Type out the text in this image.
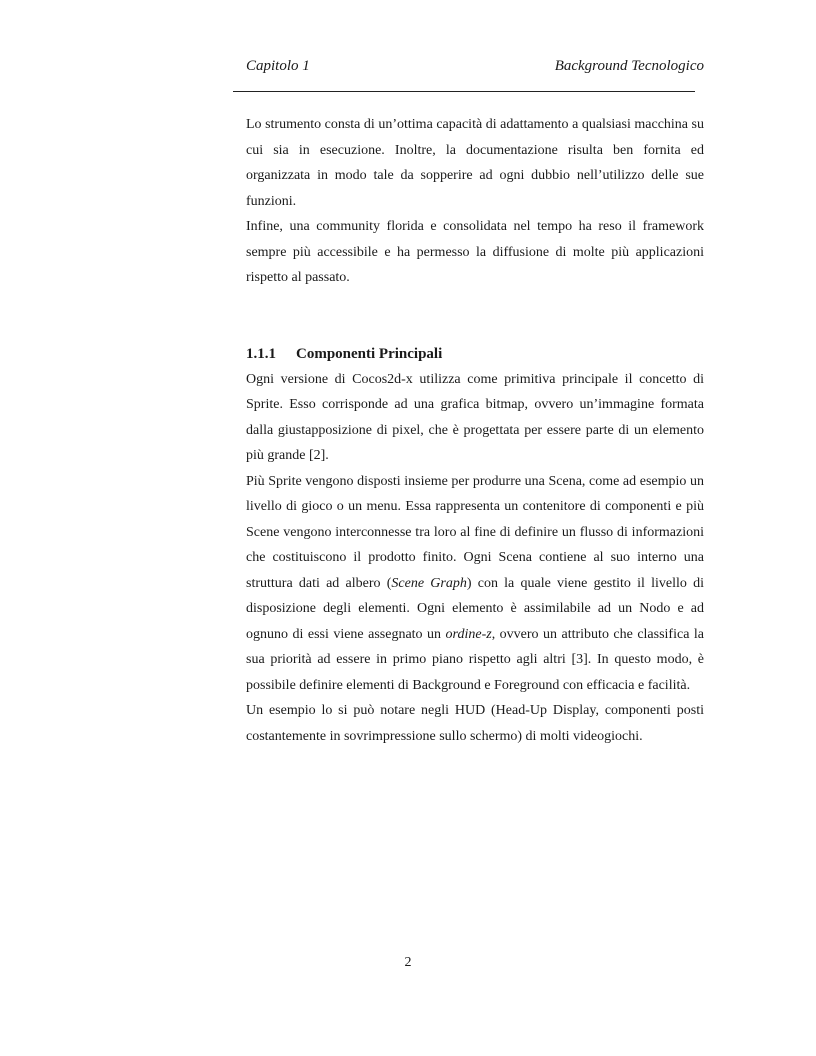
Capitolo 1	Background Tecnologico

Lo strumento consta di un’ottima capacità di adattamento a qualsiasi macchina su cui sia in esecuzione. Inoltre, la documentazione risulta ben fornita ed organizzata in modo tale da sopperire ad ogni dubbio nell’utilizzo delle sue funzioni.

Infine, una community florida e consolidata nel tempo ha reso il framework sempre più accessibile e ha permesso la diffusione di molte più applicazioni rispetto al passato.

1.1.1 Componenti Principali

Ogni versione di Cocos2d-x utilizza come primitiva principale il concetto di Sprite. Esso corrisponde ad una grafica bitmap, ovvero un’immagine formata dalla giustapposizione di pixel, che è progettata per essere parte di un elemento più grande [2].

Più Sprite vengono disposti insieme per produrre una Scena, come ad esempio un livello di gioco o un menu. Essa rappresenta un contenitore di componenti e più Scene vengono interconnesse tra loro al fine di definire un flusso di informazioni che costituiscono il prodotto finito. Ogni Scena contiene al suo interno una struttura dati ad albero (Scene Graph) con la quale viene gestito il livello di disposizione degli elementi. Ogni elemento è assimilabile ad un Nodo e ad ognuno di essi viene assegnato un ordine-z, ovvero un attributo che classifica la sua priorità ad essere in primo piano rispetto agli altri [3]. In questo modo, è possibile definire elementi di Background e Foreground con efficacia e facilità.

Un esempio lo si può notare negli HUD (Head-Up Display, componenti posti costantemente in sovrimpressione sullo schermo) di molti videogiochi.

2
